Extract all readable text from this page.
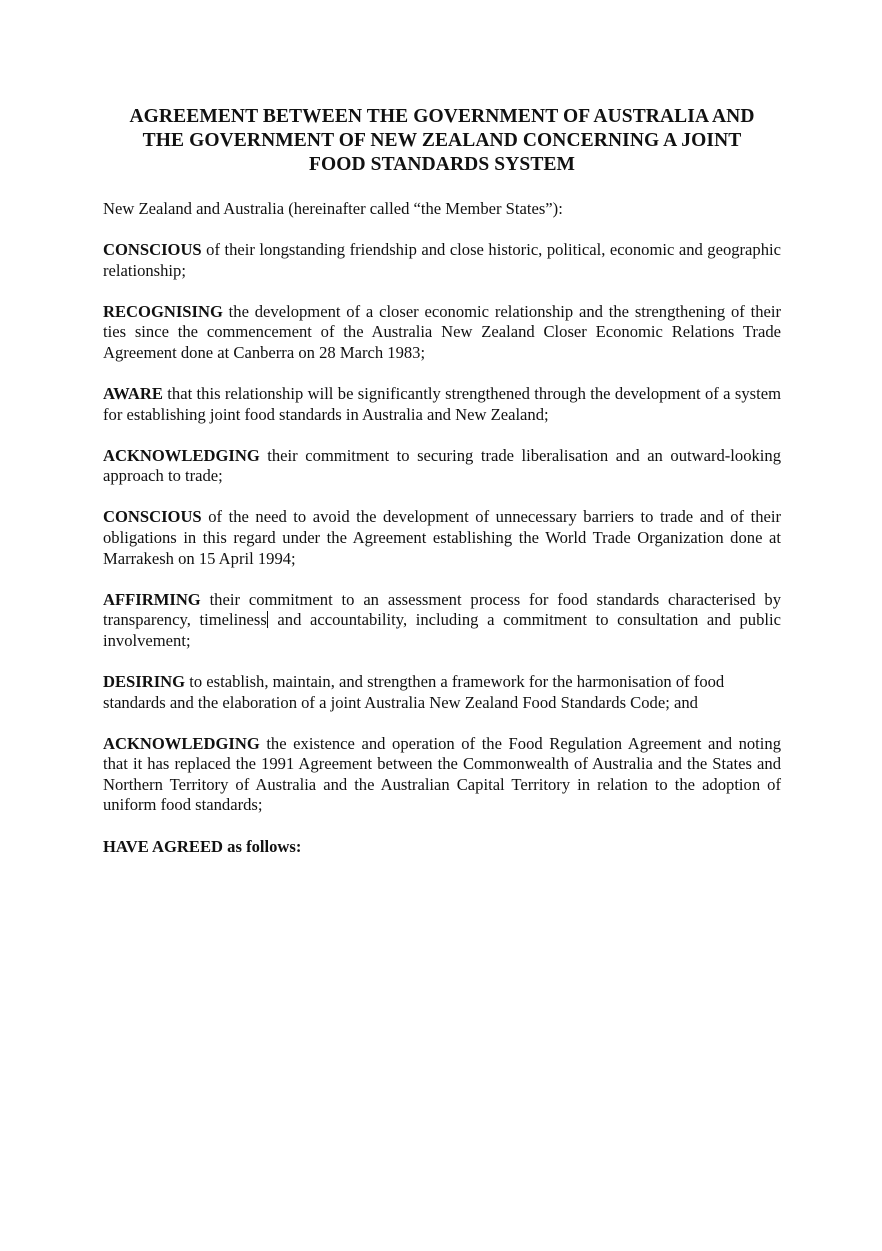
AGREEMENT BETWEEN THE GOVERNMENT OF AUSTRALIA AND
THE GOVERNMENT OF NEW ZEALAND CONCERNING A JOINT
FOOD STANDARDS SYSTEM

New Zealand and Australia (hereinafter called “the Member States”):

CONSCIOUS of their longstanding friendship and close historic, political, economic and geographic relationship;

RECOGNISING the development of a closer economic relationship and the strengthening of their ties since the commencement of the Australia New Zealand Closer Economic Relations Trade Agreement done at Canberra on 28 March 1983;

AWARE that this relationship will be significantly strengthened through the development of a system for establishing joint food standards in Australia and New Zealand;

ACKNOWLEDGING their commitment to securing trade liberalisation and an outward-looking approach to trade;

CONSCIOUS of the need to avoid the development of unnecessary barriers to trade and of their obligations in this regard under the Agreement establishing the World Trade Organization done at Marrakesh on 15 April 1994;

AFFIRMING their commitment to an assessment process for food standards characterised by transparency, timeliness and accountability, including a commitment to consultation and public involvement;

DESIRING to establish, maintain, and strengthen a framework for the harmonisation of food standards and the elaboration of a joint Australia New Zealand Food Standards Code; and

ACKNOWLEDGING the existence and operation of the Food Regulation Agreement and noting that it has replaced the 1991 Agreement between the Commonwealth of Australia and the States and Northern Territory of Australia and the Australian Capital Territory in relation to the adoption of uniform food standards;

HAVE AGREED as follows:
